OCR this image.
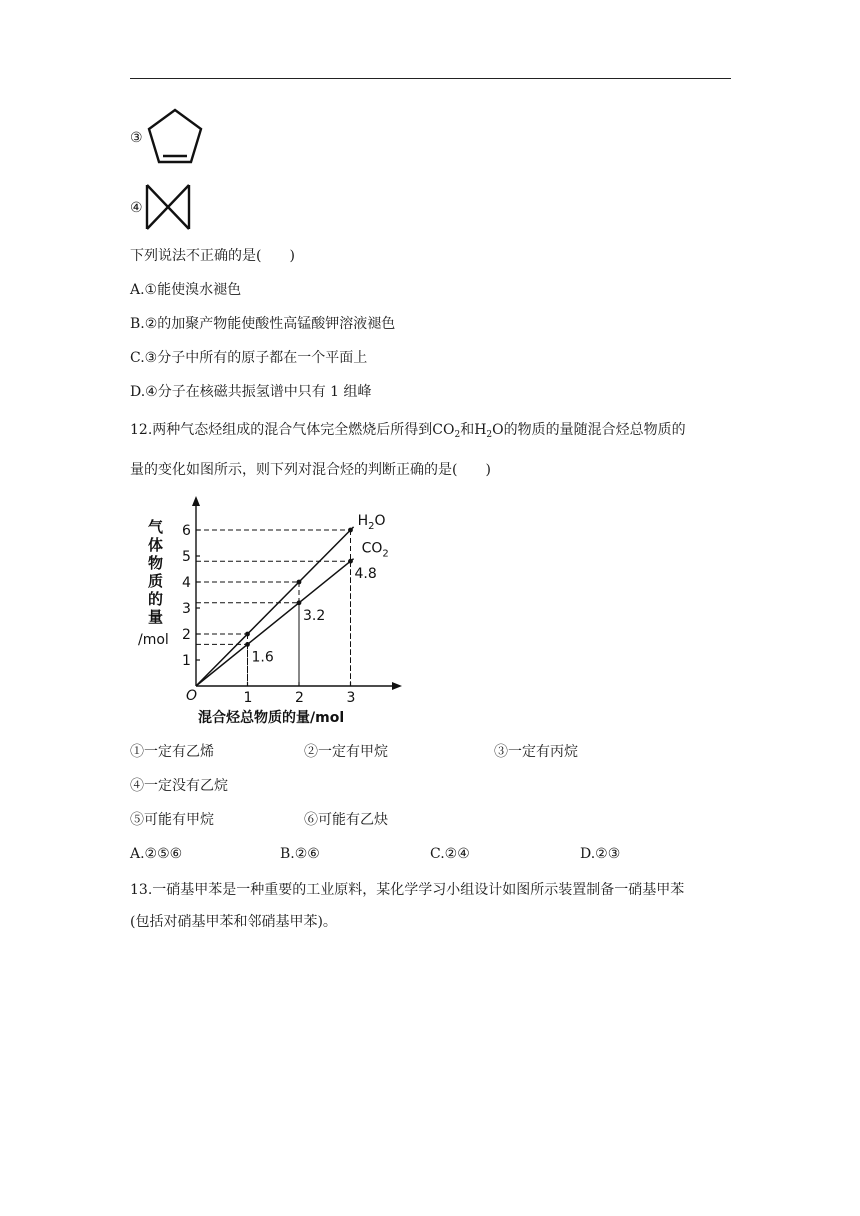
③
④
下列说法不正确的是(　　)
A.①能使溴水褪色
B.②的加聚产物能使酸性高锰酸钾溶液褪色
C.③分子中所有的原子都在一个平面上
D.④分子在核磁共振氢谱中只有 1 组峰
12.两种气态烃组成的混合气体完全燃烧后所得到$CO_2$和$H_2O$的物质的量随混合烃总物质的
量的变化如图所示，则下列对混合烃的判断正确的是(　　)
气
体
物
质
的
量
/mol
1	2	3
1
2
3
4
5
6
$H_2O$
$CO_2$
1.6
3.2
4.8
O
混合烃总物质的量/mol
①一定有乙烯	②一定有甲烷	③一定有丙烷
④一定没有乙烷
⑤可能有甲烷	⑥可能有乙炔
A.②⑤⑥	B.②⑥	C.②④	D.②③
13.一硝基甲苯是一种重要的工业原料，某化学学习小组设计如图所示装置制备一硝基甲苯
(包括对硝基甲苯和邻硝基甲苯)。
